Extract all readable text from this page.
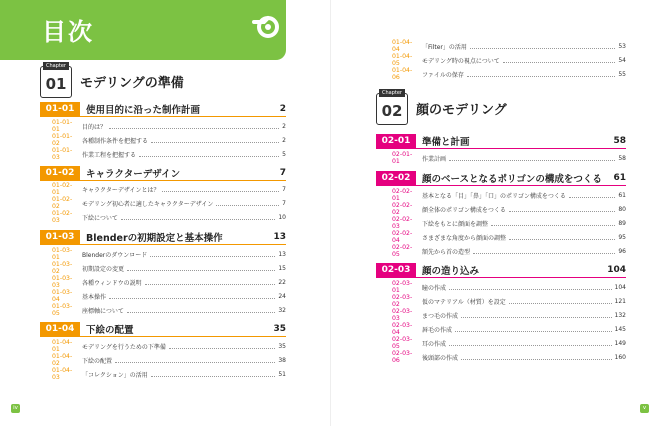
目次
Chapter
01	モデリングの準備
Chapter
02	顔のモデリング
01-01	使用目的に沿った制作計画	2
01-01-01	目的は？	2
01-01-02	各種制作条件を把握する	2
01-01-03	作業工程を把握する	5
01-02	キャラクターデザイン	7
01-02-01	キャラクターデザインとは？	7
01-02-02	モデリング初心者に適したキャラクターデザイン	7
01-02-03	下絵について	10
01-03	Blenderの初期設定と基本操作	13
01-03-01	Blenderのダウンロード	13
01-03-02	初期設定の変更	15
01-03-03	各種ウィンドウの説明	22
01-03-04	基本操作	24
01-03-05	座標軸について	32
01-04	下絵の配置	35
01-04-01	モデリングを行うための下準備	35
01-04-02	下絵の配置	38
01-04-03	「コレクション」の活用	51
01-04-04	「Filter」の活用	53
01-04-05	モデリング時の視点について	54
01-04-06	ファイルの保存	55
02-01	準備と計画	58
02-01-01	作業計画	58
02-02	顔のベースとなるポリゴンの構成をつくる	61
02-02-01	基本となる「目」「鼻」「口」のポリゴン構成をつくる	61
02-02-02	顔全体のポリゴン構成をつくる	80
02-02-03	下絵をもとに顔面を調整	89
02-02-04	さまざまな角度から顔面の調整	95
02-02-05	額先から首の造型	96
02-03	顔の造り込み	104
02-03-01	瞳の作成	104
02-03-02	仮のマテリアル（材質）を設定	121
02-03-03	まつ毛の作成	132
02-03-04	唇毛の作成	145
02-03-05	耳の作成	149
02-03-06	後頭部の作成	160
iv	v
